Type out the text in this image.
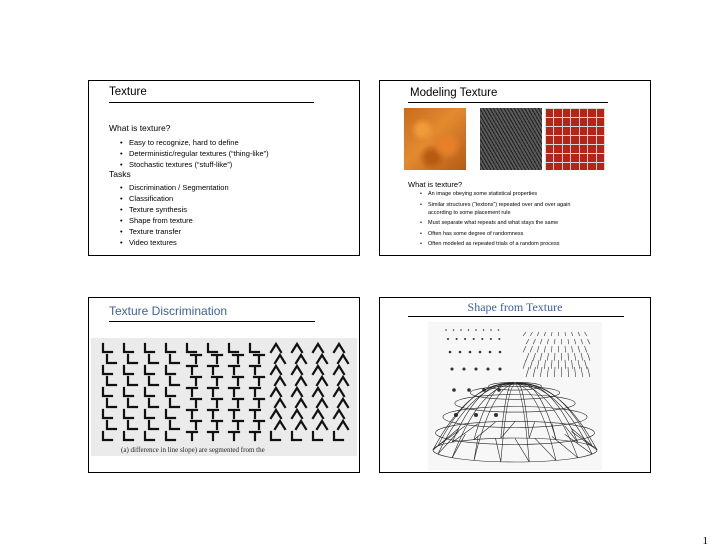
Texture
What is texture?
• Easy to recognize, hard to define
• Deterministic/regular textures (“thing-like”)
• Stochastic textures (“stuff-like”)
Tasks
• Discrimination / Segmentation
• Classification
• Texture synthesis
• Shape from texture
• Texture transfer
• Video textures
Modeling Texture
What is texture?
• An image obeying some statistical properties
• Similar structures (“textons”) repeated over and over again
according to some placement rule
• Must separate what repeats and what stays the same
• Often has some degree of randomness
• Often modeled as repeated trials of a random process
Texture Discrimination
(a) difference in line slope) are segmented from the
Shape from Texture
1
